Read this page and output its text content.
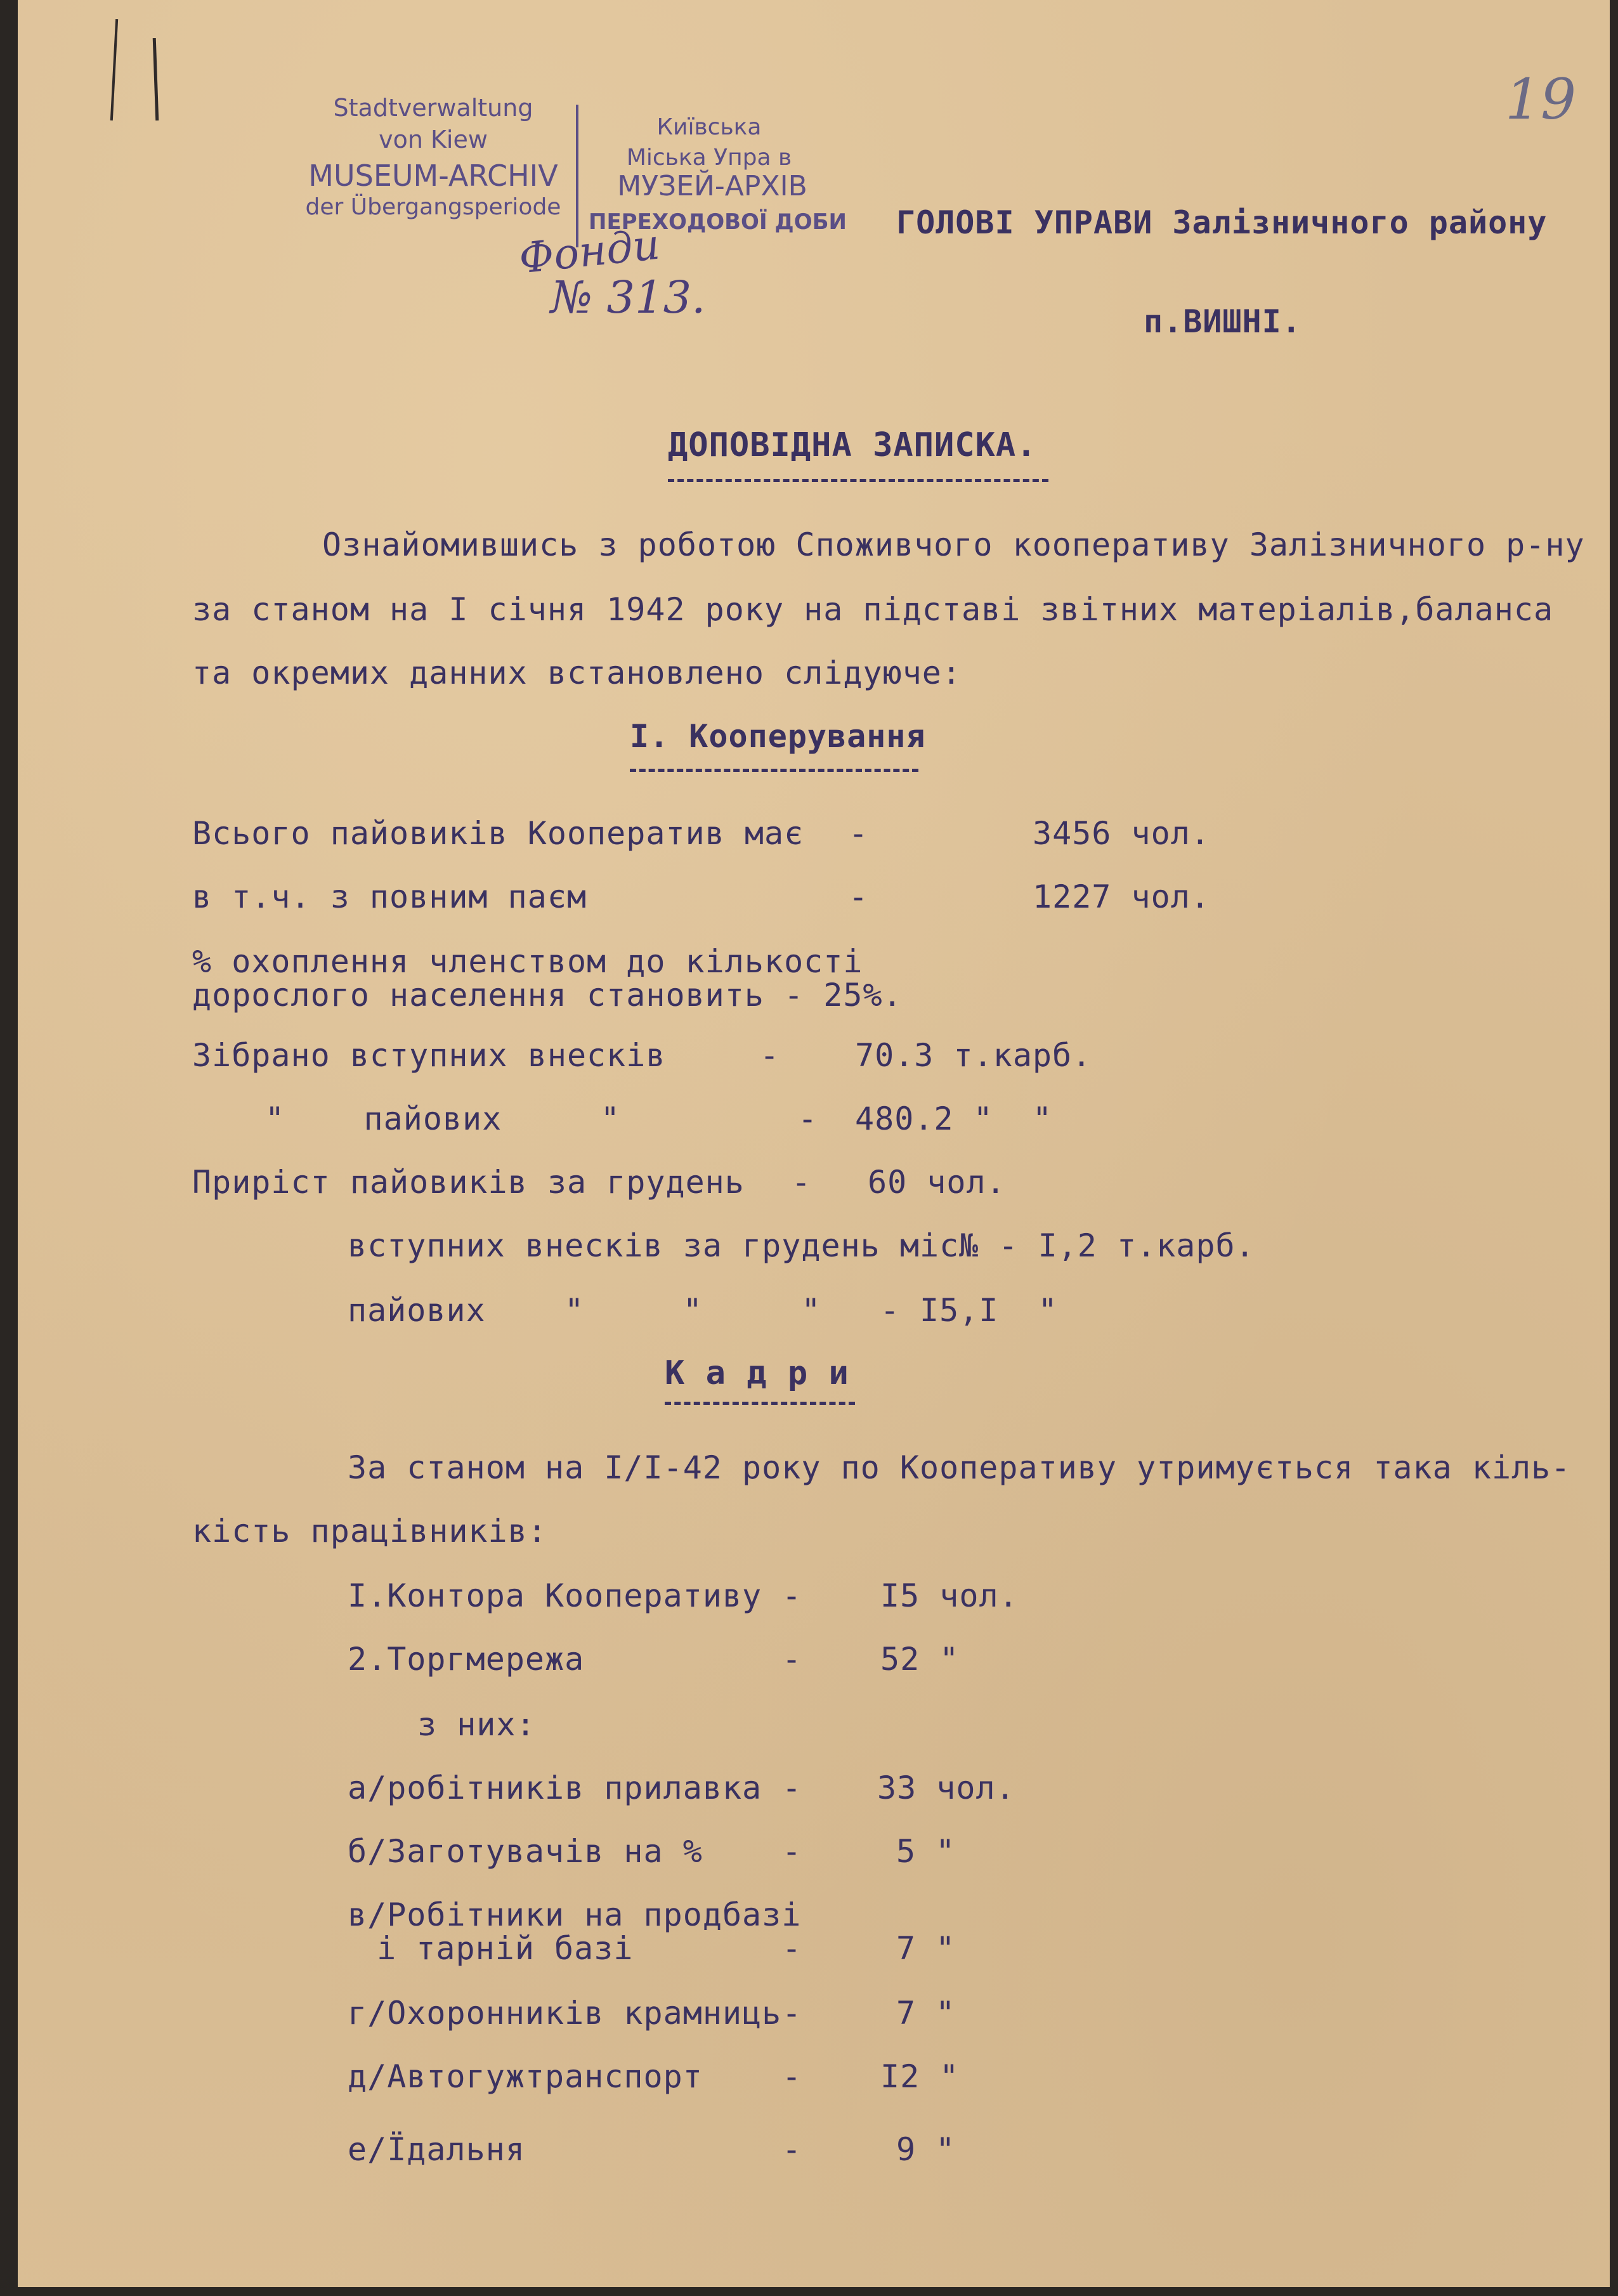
19
Stadtverwaltung
von Kiew
MUSEUM-ARCHIV
der Übergangsperiode
Київська
Міська Упра в
МУЗЕЙ-АРХІВ
ПЕРЕХОДОВОЇ ДОБИ
Фонди
№ 313.
ГОЛОВІ УПРАВИ Залізничного району
п.ВИШНІ.
ДОПОВІДНА ЗАПИСКА.
Ознайомившись з роботою Споживчого кооперативу Залізничного р-ну
за станом на I січня 1942 року на підставі звітних матеріалів,баланса
та окремих данних встановлено слідуюче:
I. Кооперування
Всього пайовиків Кооператив має -	3456 чол.
в т.ч. з повним паєм	-	1227 чол.
% охоплення членством до кількості
дорослого населення становить - 25%.
Зібрано вступних внесків	- 70.3 т.карб.
"    пайових     "	- 480.2 "  "
Приріст пайовиків за грудень - 60 чол.
вступних внесків за грудень міс№ - I,2 т.карб.
пайових    "     "     "   - I5,I  "
К а д р и
За станом на I/I-42 року по Кооперативу утримується така кіль-
кість працівників:
I.Контора Кооперативу - I5 чол.
2.Торгмережа	- 52 "
з них:
а/робітників прилавка - 33 чол.
б/Заготувачів на %	-	5 "
в/Робітники на продбазі
і тарній базі	-	7 "
г/Охоронників крамниць -	7 "
д/Автогужтранспорт	- I2 "
е/Їдальня	-	9 "
